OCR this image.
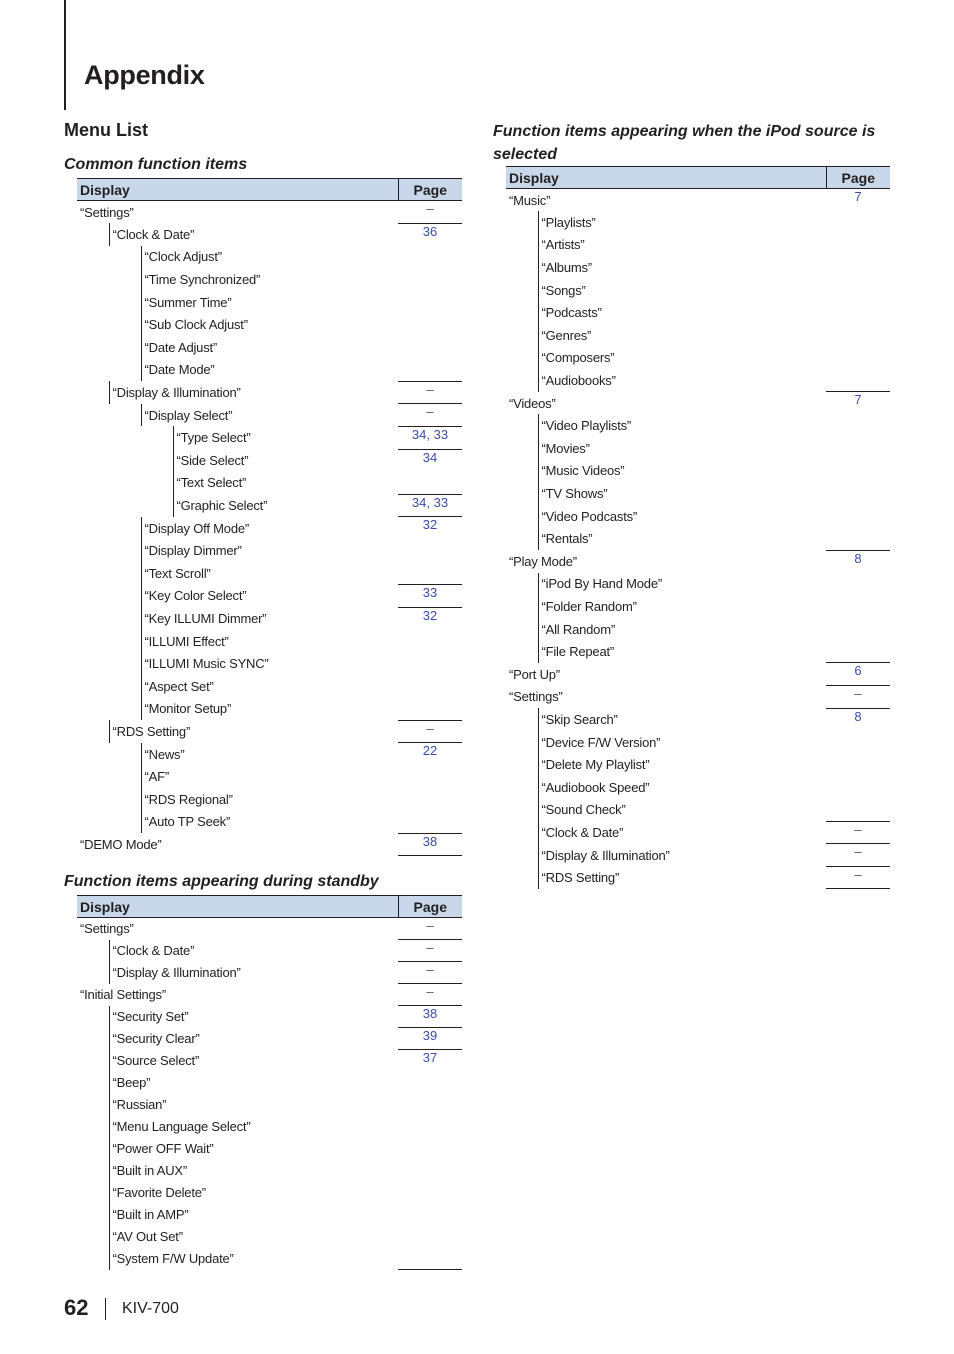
Appendix
Menu List
Common function items
Display				Page
“Settings”				–
	“Clock & Date”			36
		“Clock Adjust”		
		“Time Synchronized”		
		“Summer Time”		
		“Sub Clock Adjust”		
		“Date Adjust”		
		“Date Mode”		
	“Display & Illumination”			–
		“Display Select”		–
			“Type Select”	34, 33
			“Side Select”	34
			“Text Select”	
			“Graphic Select”	34, 33
		“Display Off Mode”		32
		“Display Dimmer”		
		“Text Scroll”		
		“Key Color Select”		33
		“Key ILLUMI Dimmer”		32
		“ILLUMI Effect”		
		“ILLUMI Music SYNC”		
		“Aspect Set”		
		“Monitor Setup”		
	“RDS Setting”			–
		“News”		22
		“AF”		
		“RDS Regional”		
		“Auto TP Seek”		
“DEMO Mode”				38
Function items appearing during standby
Display		Page
“Settings”		–
	“Clock & Date”	–
	“Display & Illumination”	–
“Initial Settings”		–
	“Security Set”	38
	“Security Clear”	39
	“Source Select”	37
	“Beep”	
	“Russian”	
	“Menu Language Select”	
	“Power OFF Wait”	
	“Built in AUX”	
	“Favorite Delete”	
	“Built in AMP”	
	“AV Out Set”	
	“System F/W Update”	
Function items appearing when the iPod source is selected
Display		Page
“Music”		7
	“Playlists”	
	“Artists”	
	“Albums”	
	“Songs”	
	“Podcasts”	
	“Genres”	
	“Composers”	
	“Audiobooks”	
“Videos”		7
	“Video Playlists”	
	“Movies”	
	“Music Videos”	
	“TV Shows”	
	“Video Podcasts”	
	“Rentals”	
“Play Mode”		8
	“iPod By Hand Mode”	
	“Folder Random”	
	“All Random”	
	“File Repeat”	
“Port Up”		6
“Settings”		–
	“Skip Search”	8
	“Device F/W Version”	
	“Delete My Playlist”	
	“Audiobook Speed”	
	“Sound Check”	
	“Clock & Date”	–
	“Display & Illumination”	–
	“RDS Setting”	–
62 KIV-700
